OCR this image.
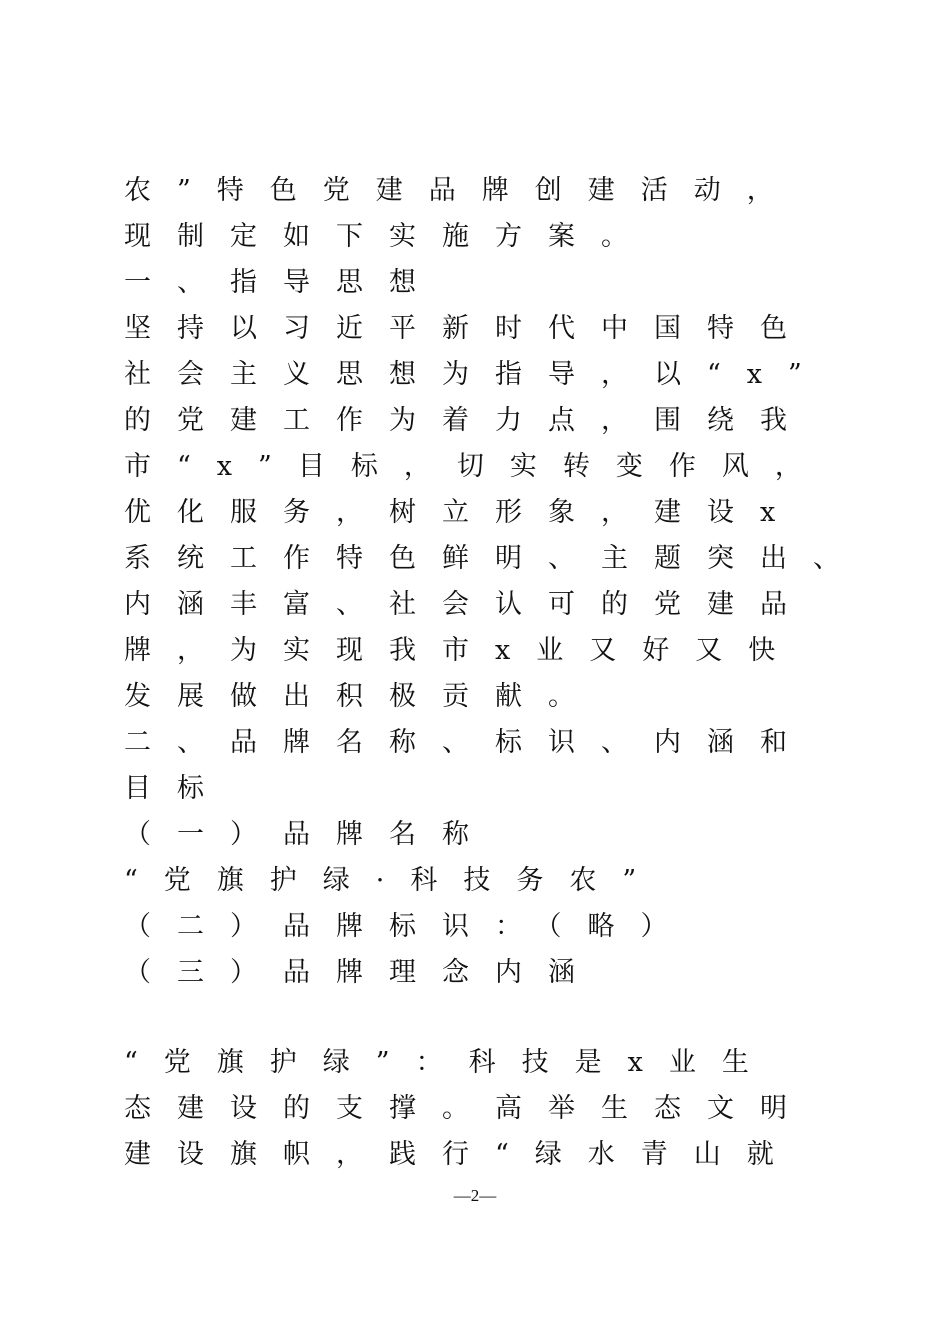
农”特色党建品牌创建活动，
现制定如下实施方案。
一、指导思想
坚持以习近平新时代中国特色
社会主义思想为指导，以“x”
的党建工作为着力点，围绕我
市“x”目标，切实转变作风，
优化服务，树立形象，建设x
系统工作特色鲜明、主题突出、
内涵丰富、社会认可的党建品
牌，为实现我市x业又好又快
发展做出积极贡献。
二、品牌名称、标识、内涵和
目标
（一）品牌名称
“党旗护绿·科技务农”
（二）品牌标识：（略）
（三）品牌理念内涵
“党旗护绿”：科技是x业生
态建设的支撑。高举生态文明
建设旗帜，践行“绿水青山就
—2—
